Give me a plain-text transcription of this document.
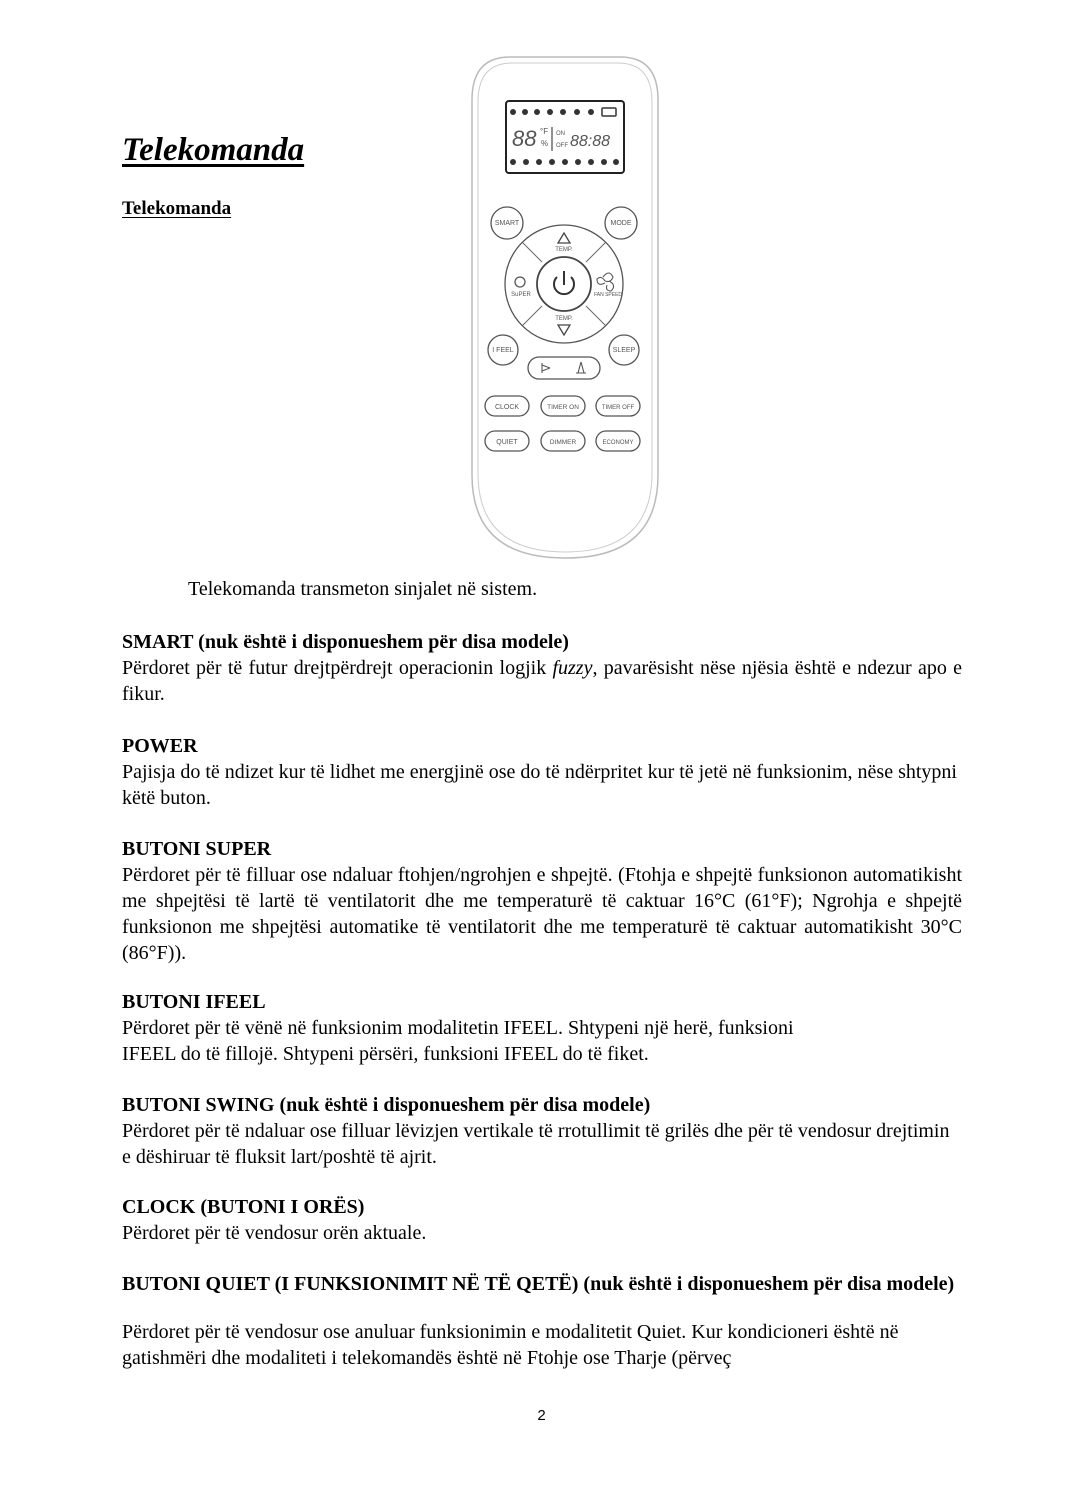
Telekomanda
Telekomanda
88 °F
%
ON
OFF 88:88
SMART	MODE
TEMP.
SuPER	FAN SPEED
TEMP.
I FEEL	SLEEP
CLOCK	TIMER ON	TIMER OFF
QUIET	DIMMER	ECONOMY
Telekomanda transmeton sinjalet në sistem.
SMART (nuk është i disponueshem për disa modele)
Përdoret për të futur drejtpërdrejt operacionin logjik fuzzy, pavarësisht nëse njësia është e ndezur apo e fikur.
POWER
Pajisja do të ndizet kur të lidhet me energjinë ose do të ndërpritet kur të jetë në funksionim, nëse shtypni këtë buton.
BUTONI SUPER
Përdoret për të filluar ose ndaluar ftohjen/ngrohjen e shpejtë. (Ftohja e shpejtë funksionon automatikisht me shpejtësi të lartë të ventilatorit dhe me temperaturë të caktuar 16°C (61°F); Ngrohja e shpejtë funksionon me shpejtësi automatike të ventilatorit dhe me temperaturë të caktuar automatikisht 30°C (86°F)).
BUTONI IFEEL
Përdoret për të vënë në funksionim modalitetin IFEEL. Shtypeni një herë, funksioni
IFEEL do të fillojë. Shtypeni përsëri, funksioni IFEEL do të fiket.
BUTONI SWING (nuk është i disponueshem për disa modele)
Përdoret për të ndaluar ose filluar lëvizjen vertikale të rrotullimit të grilës dhe për të vendosur drejtimin e dëshiruar të fluksit lart/poshtë të ajrit.
CLOCK (BUTONI I ORËS)
Përdoret për të vendosur orën aktuale.
BUTONI QUIET (I FUNKSIONIMIT NË TË QETË) (nuk është i disponueshem për disa modele)
Përdoret për të vendosur ose anuluar funksionimin e modalitetit Quiet. Kur kondicioneri është në gatishmëri dhe modaliteti i telekomandës është në Ftohje ose Tharje (përveç
2
